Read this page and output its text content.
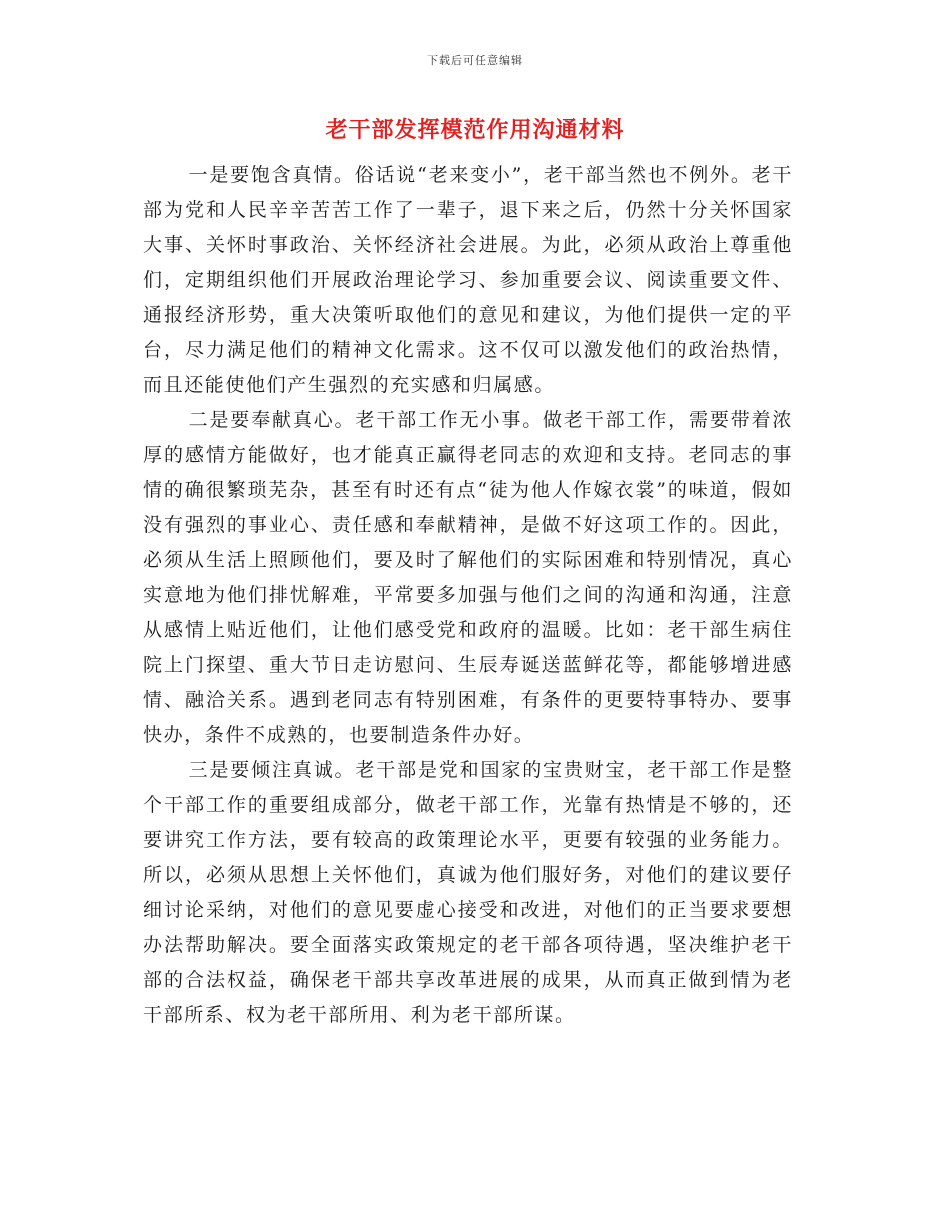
下载后可任意编辑
老干部发挥模范作用沟通材料

一是要饱含真情。俗话说“老来变小”，老干部当然也不例外。老干部为党和人民辛辛苦苦工作了一辈子，退下来之后，仍然十分关怀国家大事、关怀时事政治、关怀经济社会进展。为此，必须从政治上尊重他们，定期组织他们开展政治理论学习、参加重要会议、阅读重要文件、通报经济形势，重大决策听取他们的意见和建议，为他们提供一定的平台，尽力满足他们的精神文化需求。这不仅可以激发他们的政治热情，而且还能使他们产生强烈的充实感和归属感。

二是要奉献真心。老干部工作无小事。做老干部工作，需要带着浓厚的感情方能做好，也才能真正赢得老同志的欢迎和支持。老同志的事情的确很繁琐芜杂，甚至有时还有点“徒为他人作嫁衣裳”的味道，假如没有强烈的事业心、责任感和奉献精神，是做不好这项工作的。因此，必须从生活上照顾他们，要及时了解他们的实际困难和特别情况，真心实意地为他们排忧解难，平常要多加强与他们之间的沟通和沟通，注意从感情上贴近他们，让他们感受党和政府的温暖。比如：老干部生病住院上门探望、重大节日走访慰问、生辰寿诞送蓝鲜花等，都能够增进感情、融洽关系。遇到老同志有特别困难，有条件的更要特事特办、要事快办，条件不成熟的，也要制造条件办好。

三是要倾注真诚。老干部是党和国家的宝贵财宝，老干部工作是整个干部工作的重要组成部分，做老干部工作，光靠有热情是不够的，还要讲究工作方法，要有较高的政策理论水平，更要有较强的业务能力。所以，必须从思想上关怀他们，真诚为他们服好务，对他们的建议要仔细讨论采纳，对他们的意见要虚心接受和改进，对他们的正当要求要想办法帮助解决。要全面落实政策规定的老干部各项待遇，坚决维护老干部的合法权益，确保老干部共享改革进展的成果，从而真正做到情为老干部所系、权为老干部所用、利为老干部所谋。
